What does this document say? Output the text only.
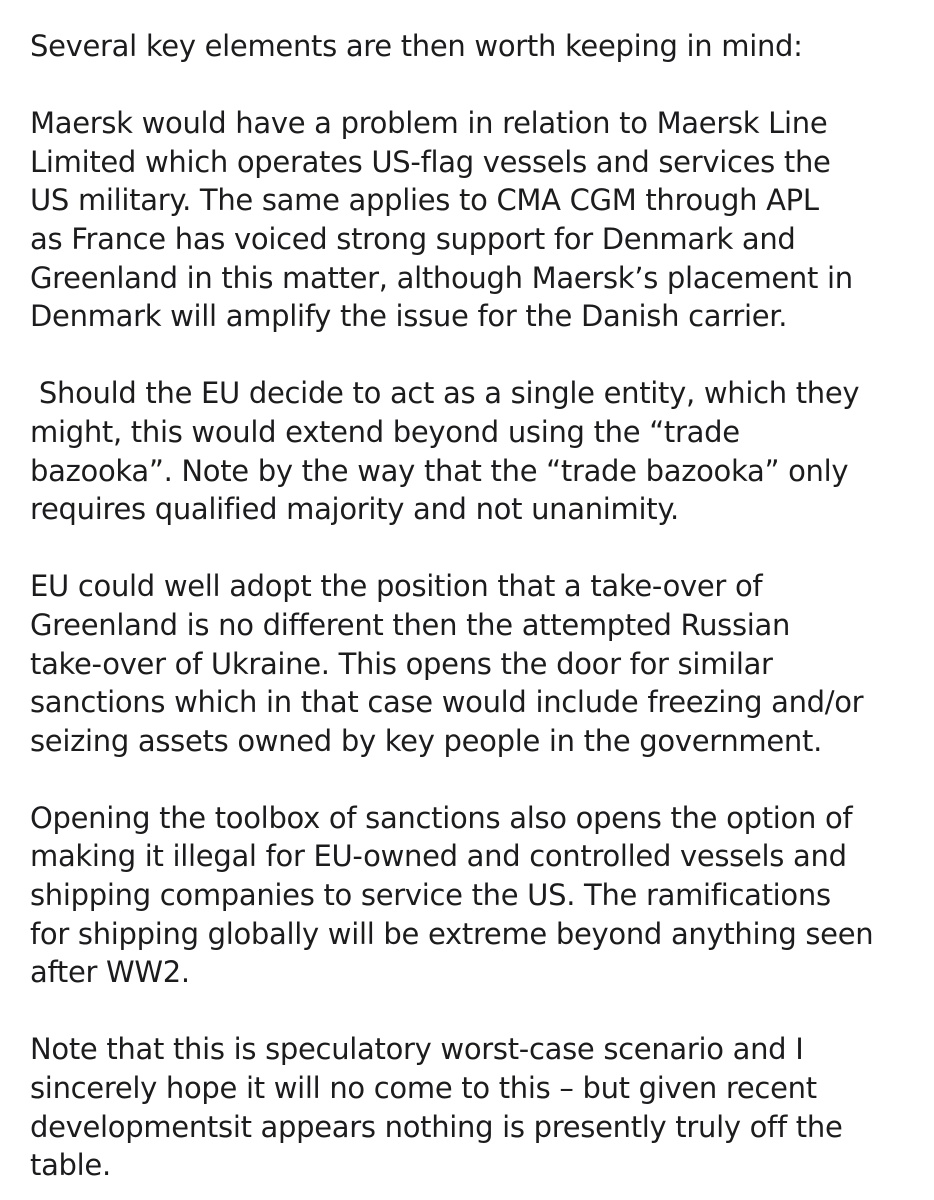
Several key elements are then worth keeping in mind:
Maersk would have a problem in relation to Maersk Line
Limited which operates US-flag vessels and services the
US military. The same applies to CMA CGM through APL
as France has voiced strong support for Denmark and
Greenland in this matter, although Maersk’s placement in
Denmark will amplify the issue for the Danish carrier.
Should the EU decide to act as a single entity, which they
might, this would extend beyond using the “trade
bazooka”. Note by the way that the “trade bazooka” only
requires qualified majority and not unanimity.
EU could well adopt the position that a take-over of
Greenland is no different then the attempted Russian
take-over of Ukraine. This opens the door for similar
sanctions which in that case would include freezing and/or
seizing assets owned by key people in the government.
Opening the toolbox of sanctions also opens the option of
making it illegal for EU-owned and controlled vessels and
shipping companies to service the US. The ramifications
for shipping globally will be extreme beyond anything seen
after WW2.
Note that this is speculatory worst-case scenario and I
sincerely hope it will no come to this – but given recent
developmentsit appears nothing is presently truly off the
table.
